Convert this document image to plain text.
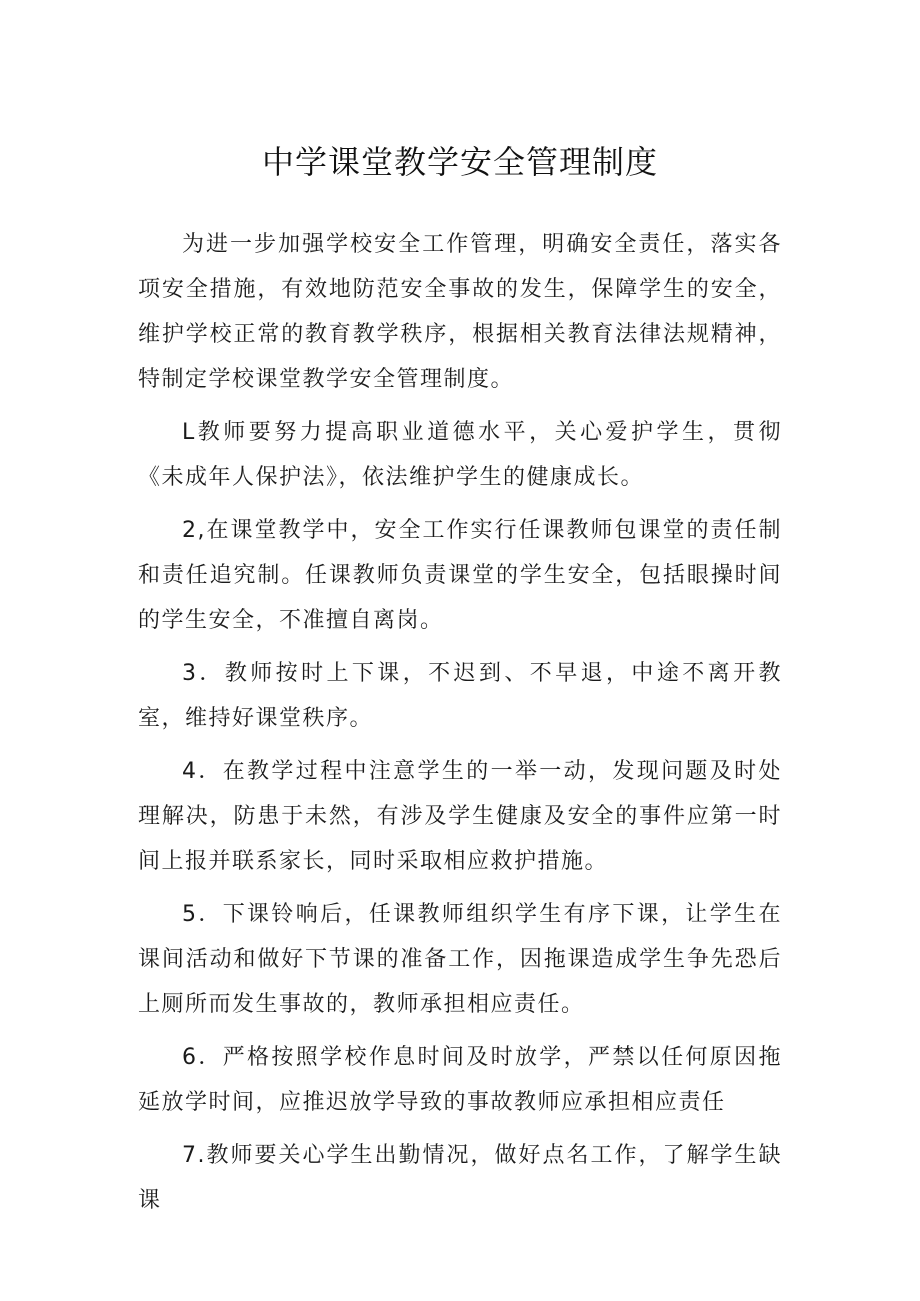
中学课堂教学安全管理制度

为进一步加强学校安全工作管理，明确安全责任，落实各项安全措施，有效地防范安全事故的发生，保障学生的安全，维护学校正常的教育教学秩序，根据相关教育法律法规精神，特制定学校课堂教学安全管理制度。

L教师要努力提高职业道德水平，关心爱护学生，贯彻《未成年人保护法》，依法维护学生的健康成长。

2,在课堂教学中，安全工作实行任课教师包课堂的责任制和责任追究制。任课教师负责课堂的学生安全，包括眼操时间的学生安全，不准擅自离岗。

3．教师按时上下课，不迟到、不早退，中途不离开教室，维持好课堂秩序。

4．在教学过程中注意学生的一举一动，发现问题及时处理解决，防患于未然，有涉及学生健康及安全的事件应第一时间上报并联系家长，同时采取相应救护措施。

5．下课铃响后，任课教师组织学生有序下课，让学生在课间活动和做好下节课的准备工作，因拖课造成学生争先恐后上厕所而发生事故的，教师承担相应责任。

6．严格按照学校作息时间及时放学，严禁以任何原因拖延放学时间，应推迟放学导致的事故教师应承担相应责任

7.教师要关心学生出勤情况，做好点名工作，了解学生缺课
